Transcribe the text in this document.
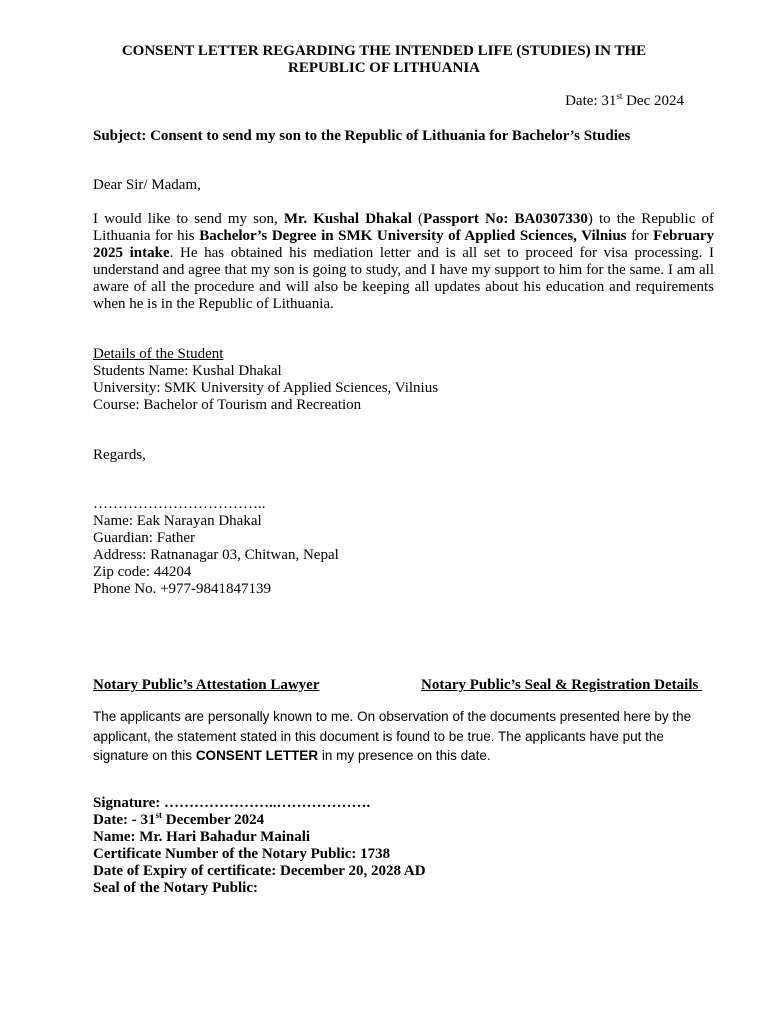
CONSENT LETTER REGARDING THE INTENDED LIFE (STUDIES) IN THE
REPUBLIC OF LITHUANIA
Date: 31st Dec 2024
Subject: Consent to send my son to the Republic of Lithuania for Bachelor’s Studies
Dear Sir/ Madam,
I would like to send my son, Mr. Kushal Dhakal (Passport No: BA0307330) to the Republic of Lithuania for his Bachelor’s Degree in SMK University of Applied Sciences, Vilnius for February 2025 intake. He has obtained his mediation letter and is all set to proceed for visa processing. I understand and agree that my son is going to study, and I have my support to him for the same. I am all aware of all the procedure and will also be keeping all updates about his education and requirements when he is in the Republic of Lithuania.
Details of the Student
Students Name: Kushal Dhakal
University: SMK University of Applied Sciences, Vilnius
Course: Bachelor of Tourism and Recreation
Regards,
……………………………..
Name: Eak Narayan Dhakal
Guardian: Father
Address: Ratnanagar 03, Chitwan, Nepal
Zip code: 44204
Phone No. +977-9841847139
Notary Public’s Attestation Lawyer	Notary Public’s Seal & Registration Details
The applicants are personally known to me. On observation of the documents presented here by the applicant, the statement stated in this document is found to be true. The applicants have put the signature on this CONSENT LETTER in my presence on this date.
Signature: …………………..……………….
Date: - 31st December 2024
Name: Mr. Hari Bahadur Mainali
Certificate Number of the Notary Public: 1738
Date of Expiry of certificate: December 20, 2028 AD
Seal of the Notary Public:
